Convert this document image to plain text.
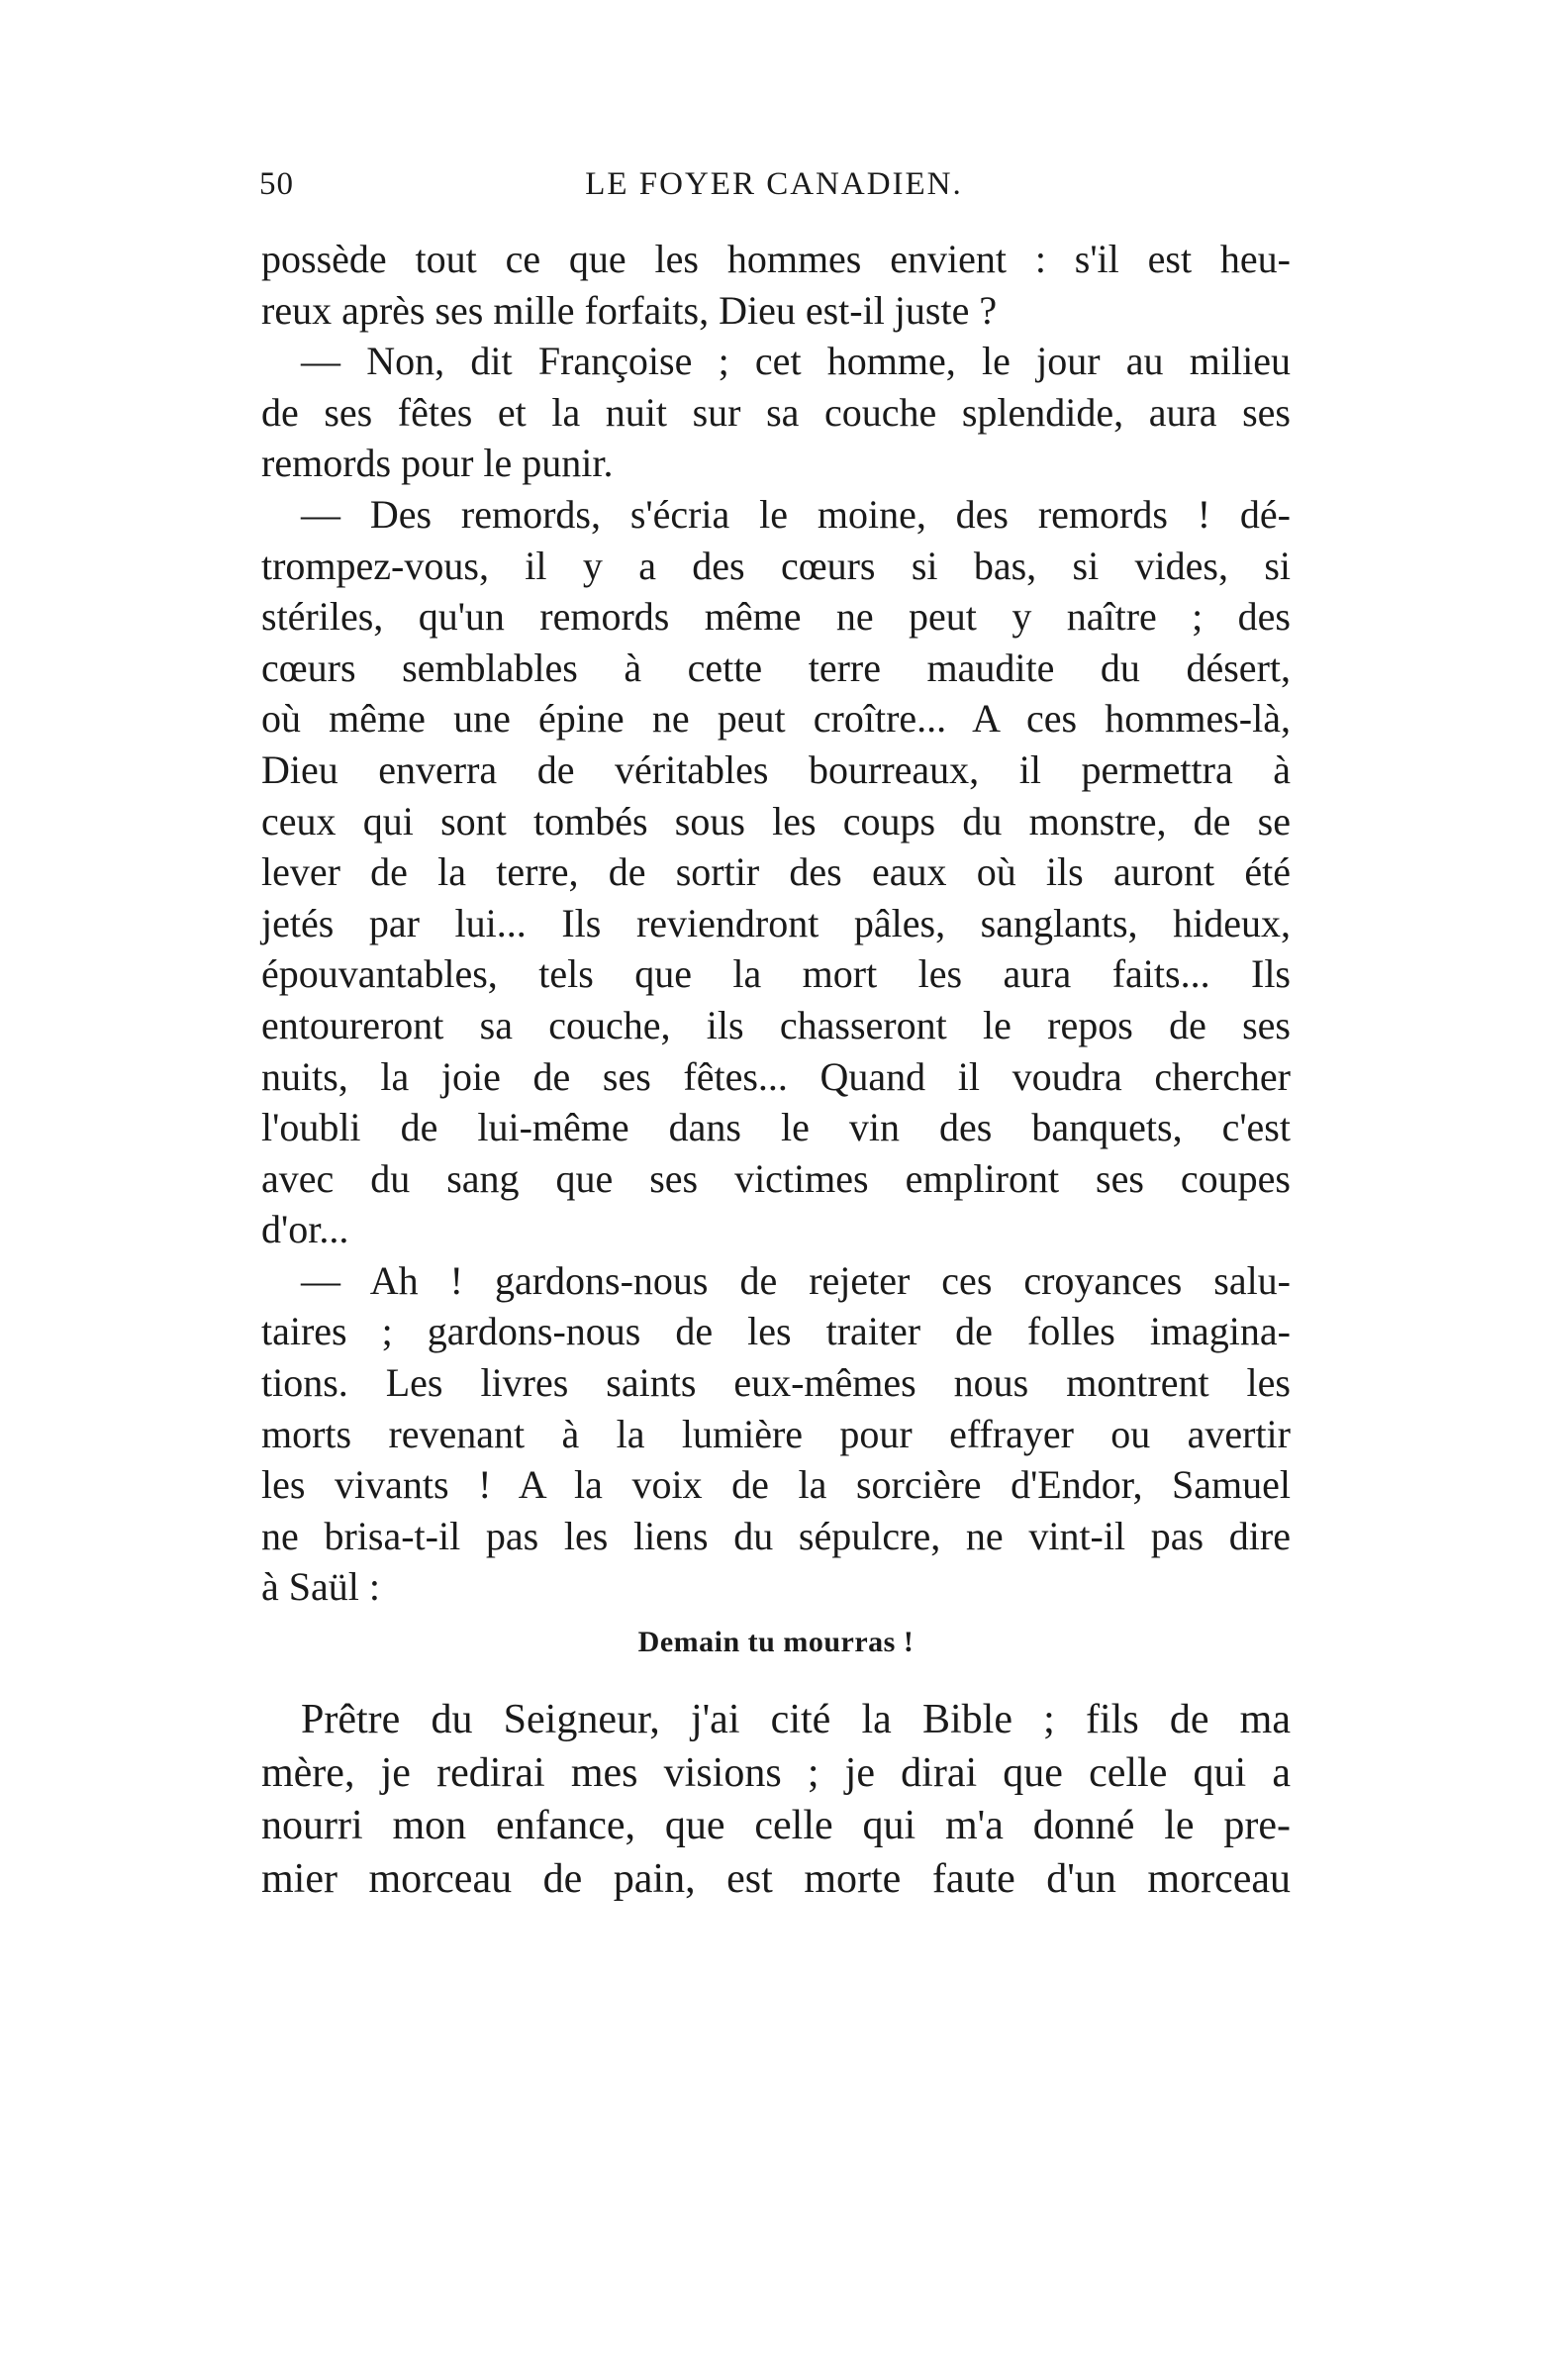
50	LE FOYER CANADIEN.
possède tout ce que les hommes envient : s'il est heu-
reux après ses mille forfaits, Dieu est-il juste ?
— Non, dit Françoise ; cet homme, le jour au milieu
de ses fêtes et la nuit sur sa couche splendide, aura ses
remords pour le punir.
— Des remords, s'écria le moine, des remords ! dé-
trompez-vous, il y a des cœurs si bas, si vides, si
stériles, qu'un remords même ne peut y naître ; des
cœurs semblables à cette terre maudite du désert,
où même une épine ne peut croître... A ces hommes-là,
Dieu enverra de véritables bourreaux, il permettra à
ceux qui sont tombés sous les coups du monstre, de se
lever de la terre, de sortir des eaux où ils auront été
jetés par lui... Ils reviendront pâles, sanglants, hideux,
épouvantables, tels que la mort les aura faits... Ils
entoureront sa couche, ils chasseront le repos de ses
nuits, la joie de ses fêtes... Quand il voudra chercher
l'oubli de lui-même dans le vin des banquets, c'est
avec du sang que ses victimes empliront ses coupes
d'or...
— Ah ! gardons-nous de rejeter ces croyances salu-
taires ; gardons-nous de les traiter de folles imagina-
tions. Les livres saints eux-mêmes nous montrent les
morts revenant à la lumière pour effrayer ou avertir
les vivants ! A la voix de la sorcière d'Endor, Samuel
ne brisa-t-il pas les liens du sépulcre, ne vint-il pas dire
à Saül :
Demain tu mourras !
Prêtre du Seigneur, j'ai cité la Bible ; fils de ma
mère, je redirai mes visions ; je dirai que celle qui a
nourri mon enfance, que celle qui m'a donné le pre-
mier morceau de pain, est morte faute d'un morceau
